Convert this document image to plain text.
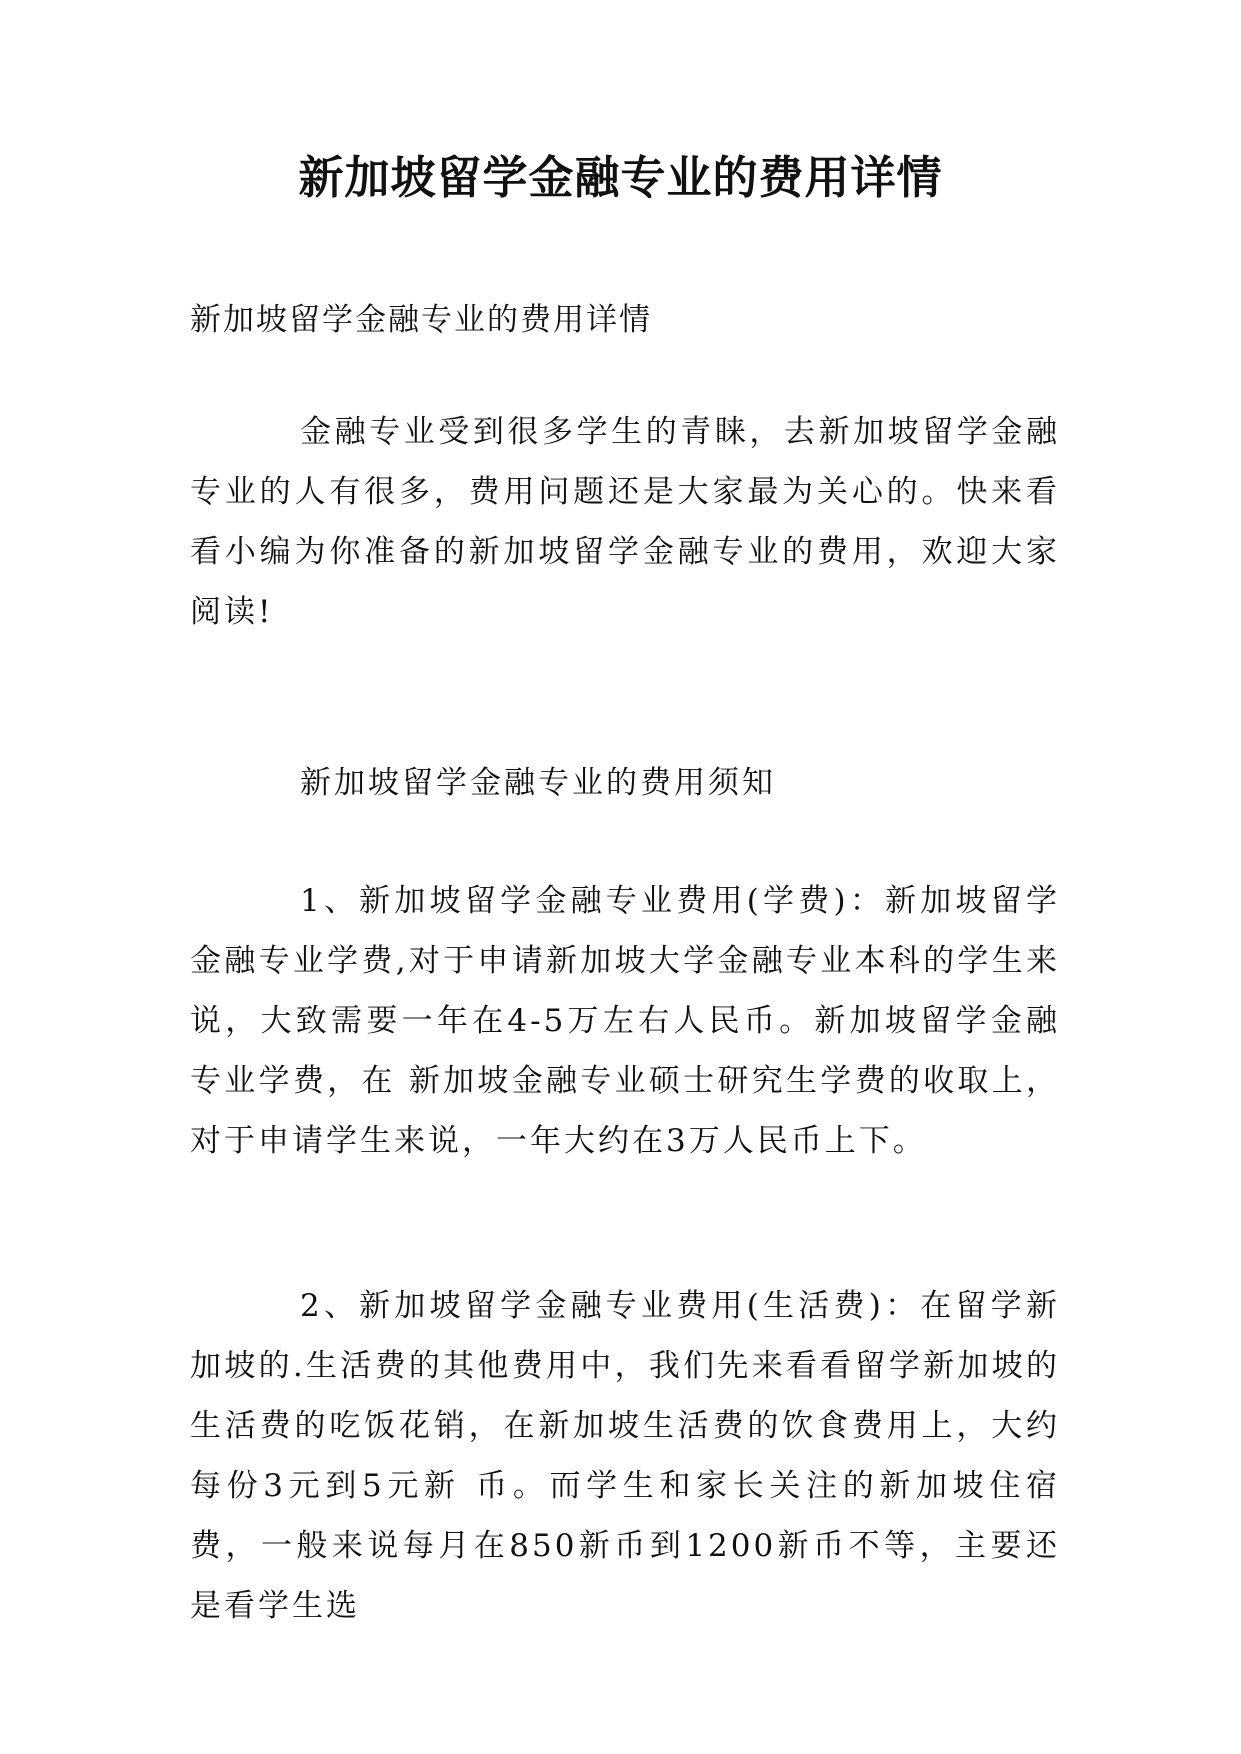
新加坡留学金融专业的费用详情

新加坡留学金融专业的费用详情

金融专业受到很多学生的青睐，去新加坡留学金融专业的人有很多，费用问题还是大家最为关心的。快来看看小编为你准备的新加坡留学金融专业的费用，欢迎大家阅读!

新加坡留学金融专业的费用须知

1、新加坡留学金融专业费用(学费)：新加坡留学金融专业学费,对于申请新加坡大学金融专业本科的学生来说，大致需要一年在4-5万左右人民币。新加坡留学金融专业学费，在 新加坡金融专业硕士研究生学费的收取上，对于申请学生来说，一年大约在3万人民币上下。

2、新加坡留学金融专业费用(生活费)：在留学新加坡的.生活费的其他费用中，我们先来看看留学新加坡的生活费的吃饭花销，在新加坡生活费的饮食费用上，大约每份3元到5元新 币。而学生和家长关注的新加坡住宿费，一般来说每月在850新币到1200新币不等，主要还是看学生选
